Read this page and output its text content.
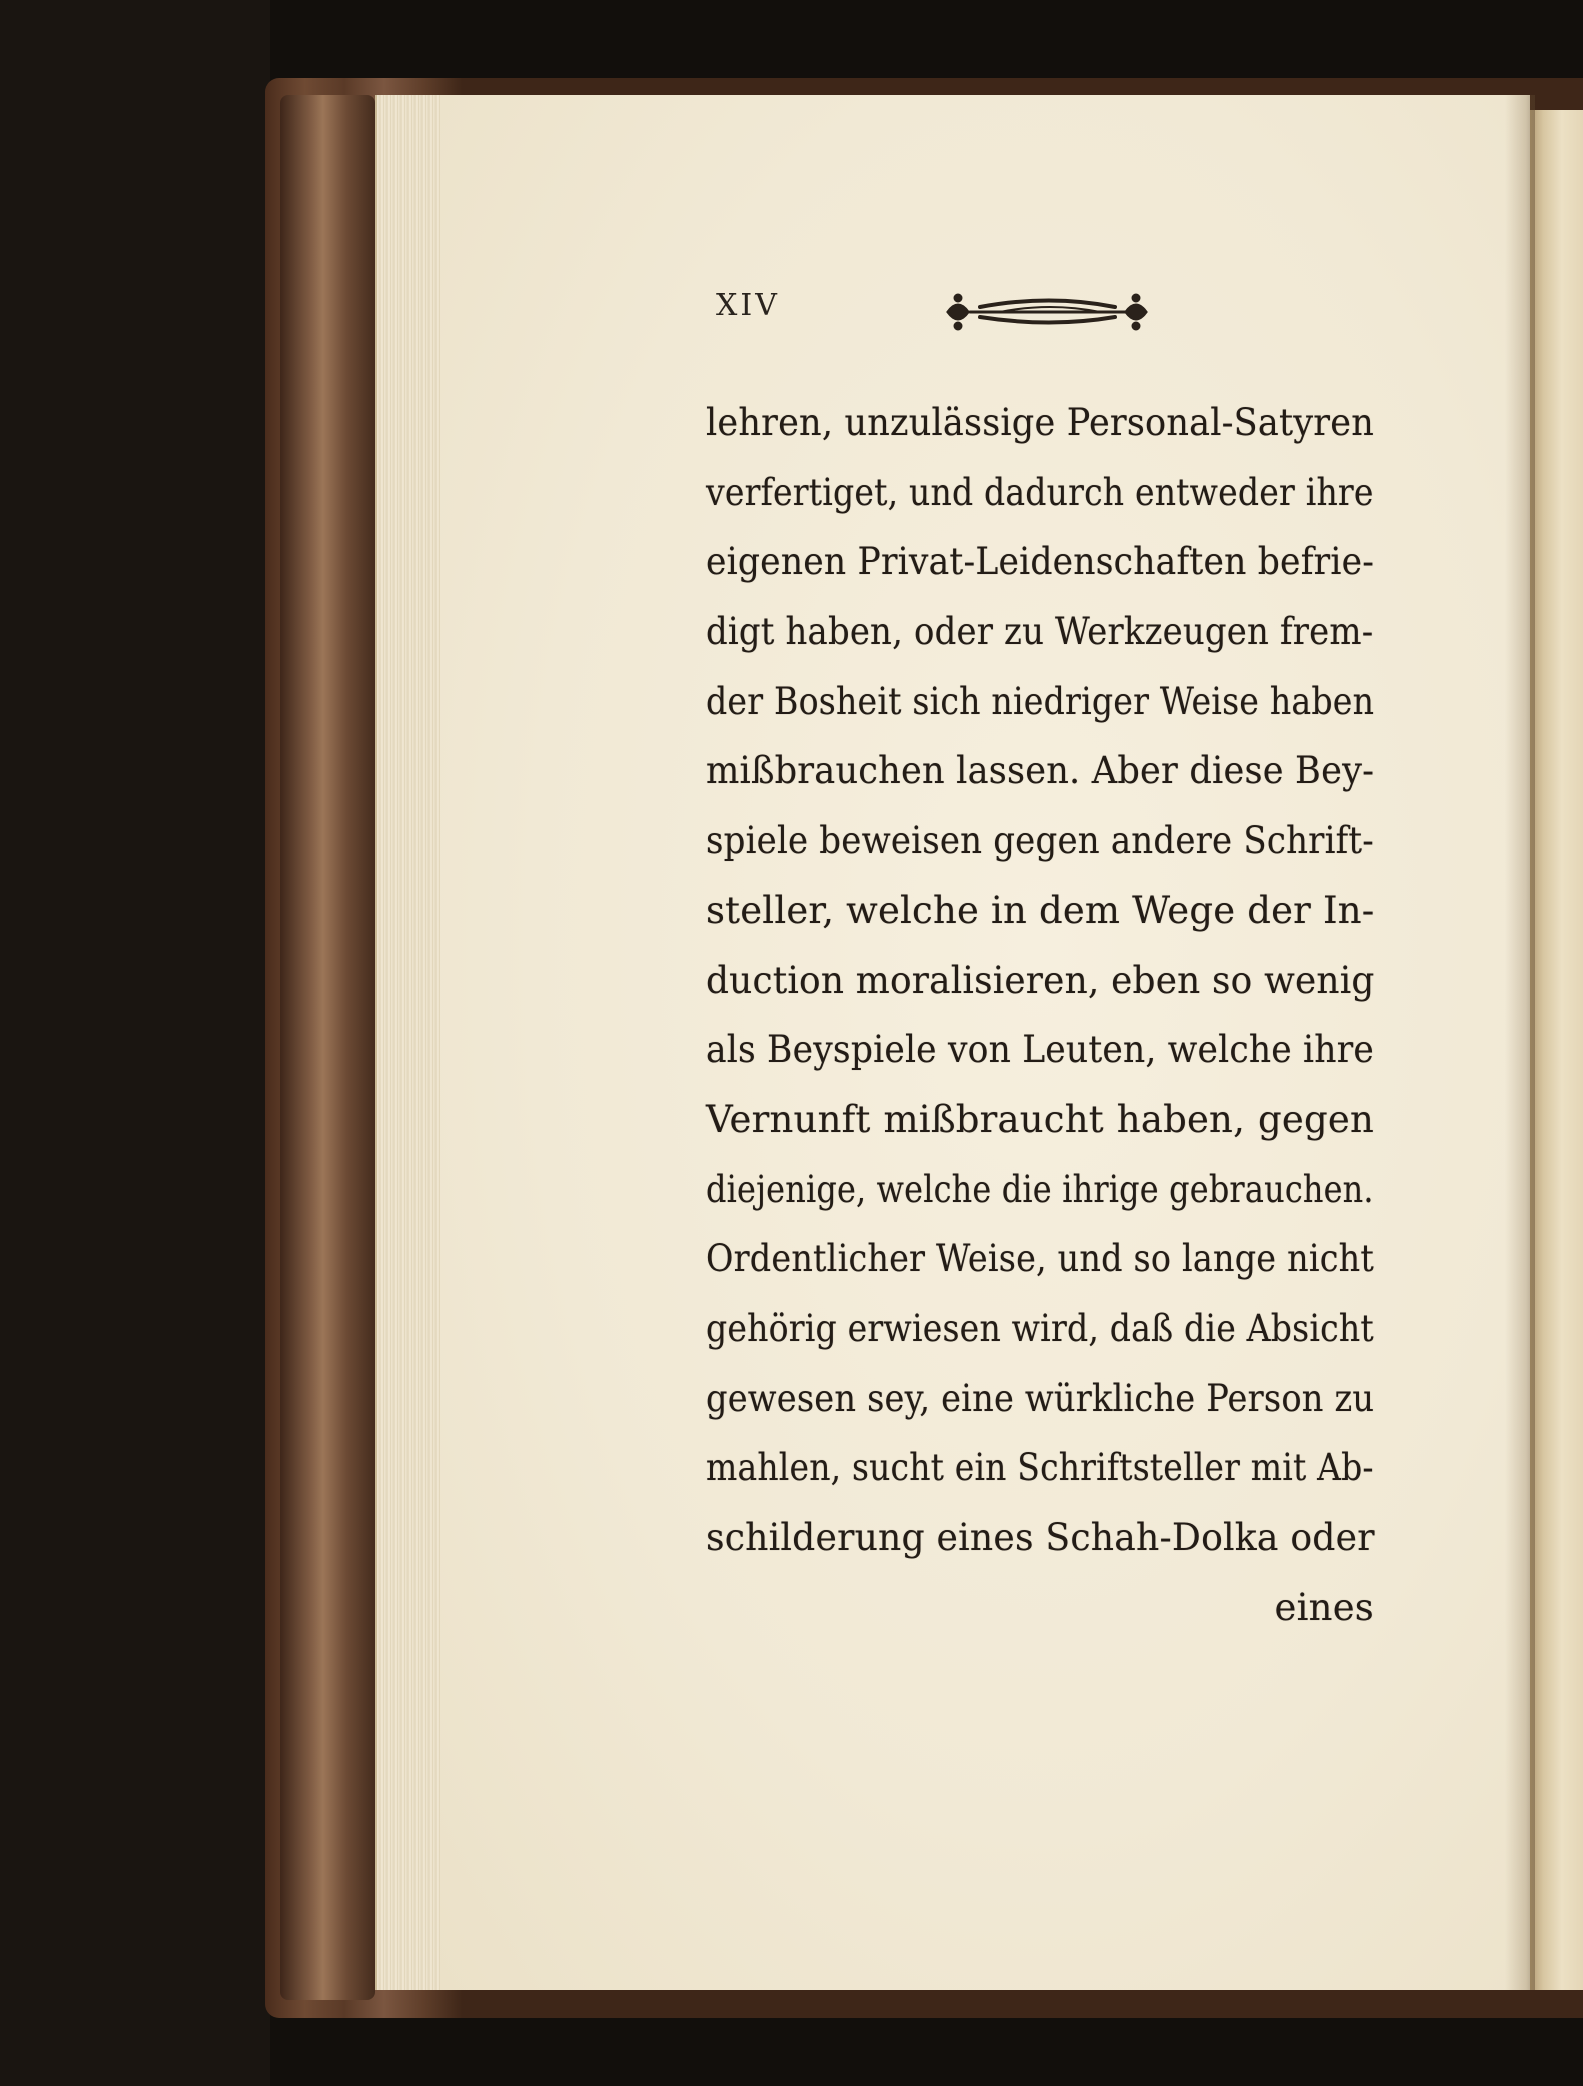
XIV
lehren, unzulässige Personal-Satyren
verfertiget, und dadurch entweder ihre
eigenen Privat-Leidenschaften befrie-
digt haben, oder zu Werkzeugen frem-
der Bosheit sich niedriger Weise haben
mißbrauchen lassen. Aber diese Bey-
spiele beweisen gegen andere Schrift-
steller, welche in dem Wege der In-
duction moralisieren, eben so wenig
als Beyspiele von Leuten, welche ihre
Vernunft mißbraucht haben, gegen
diejenige, welche die ihrige gebrauchen.
Ordentlicher Weise, und so lange nicht
gehörig erwiesen wird, daß die Absicht
gewesen sey, eine würkliche Person zu
mahlen, sucht ein Schriftsteller mit Ab-
schilderung eines Schah-Dolka oder
eines
